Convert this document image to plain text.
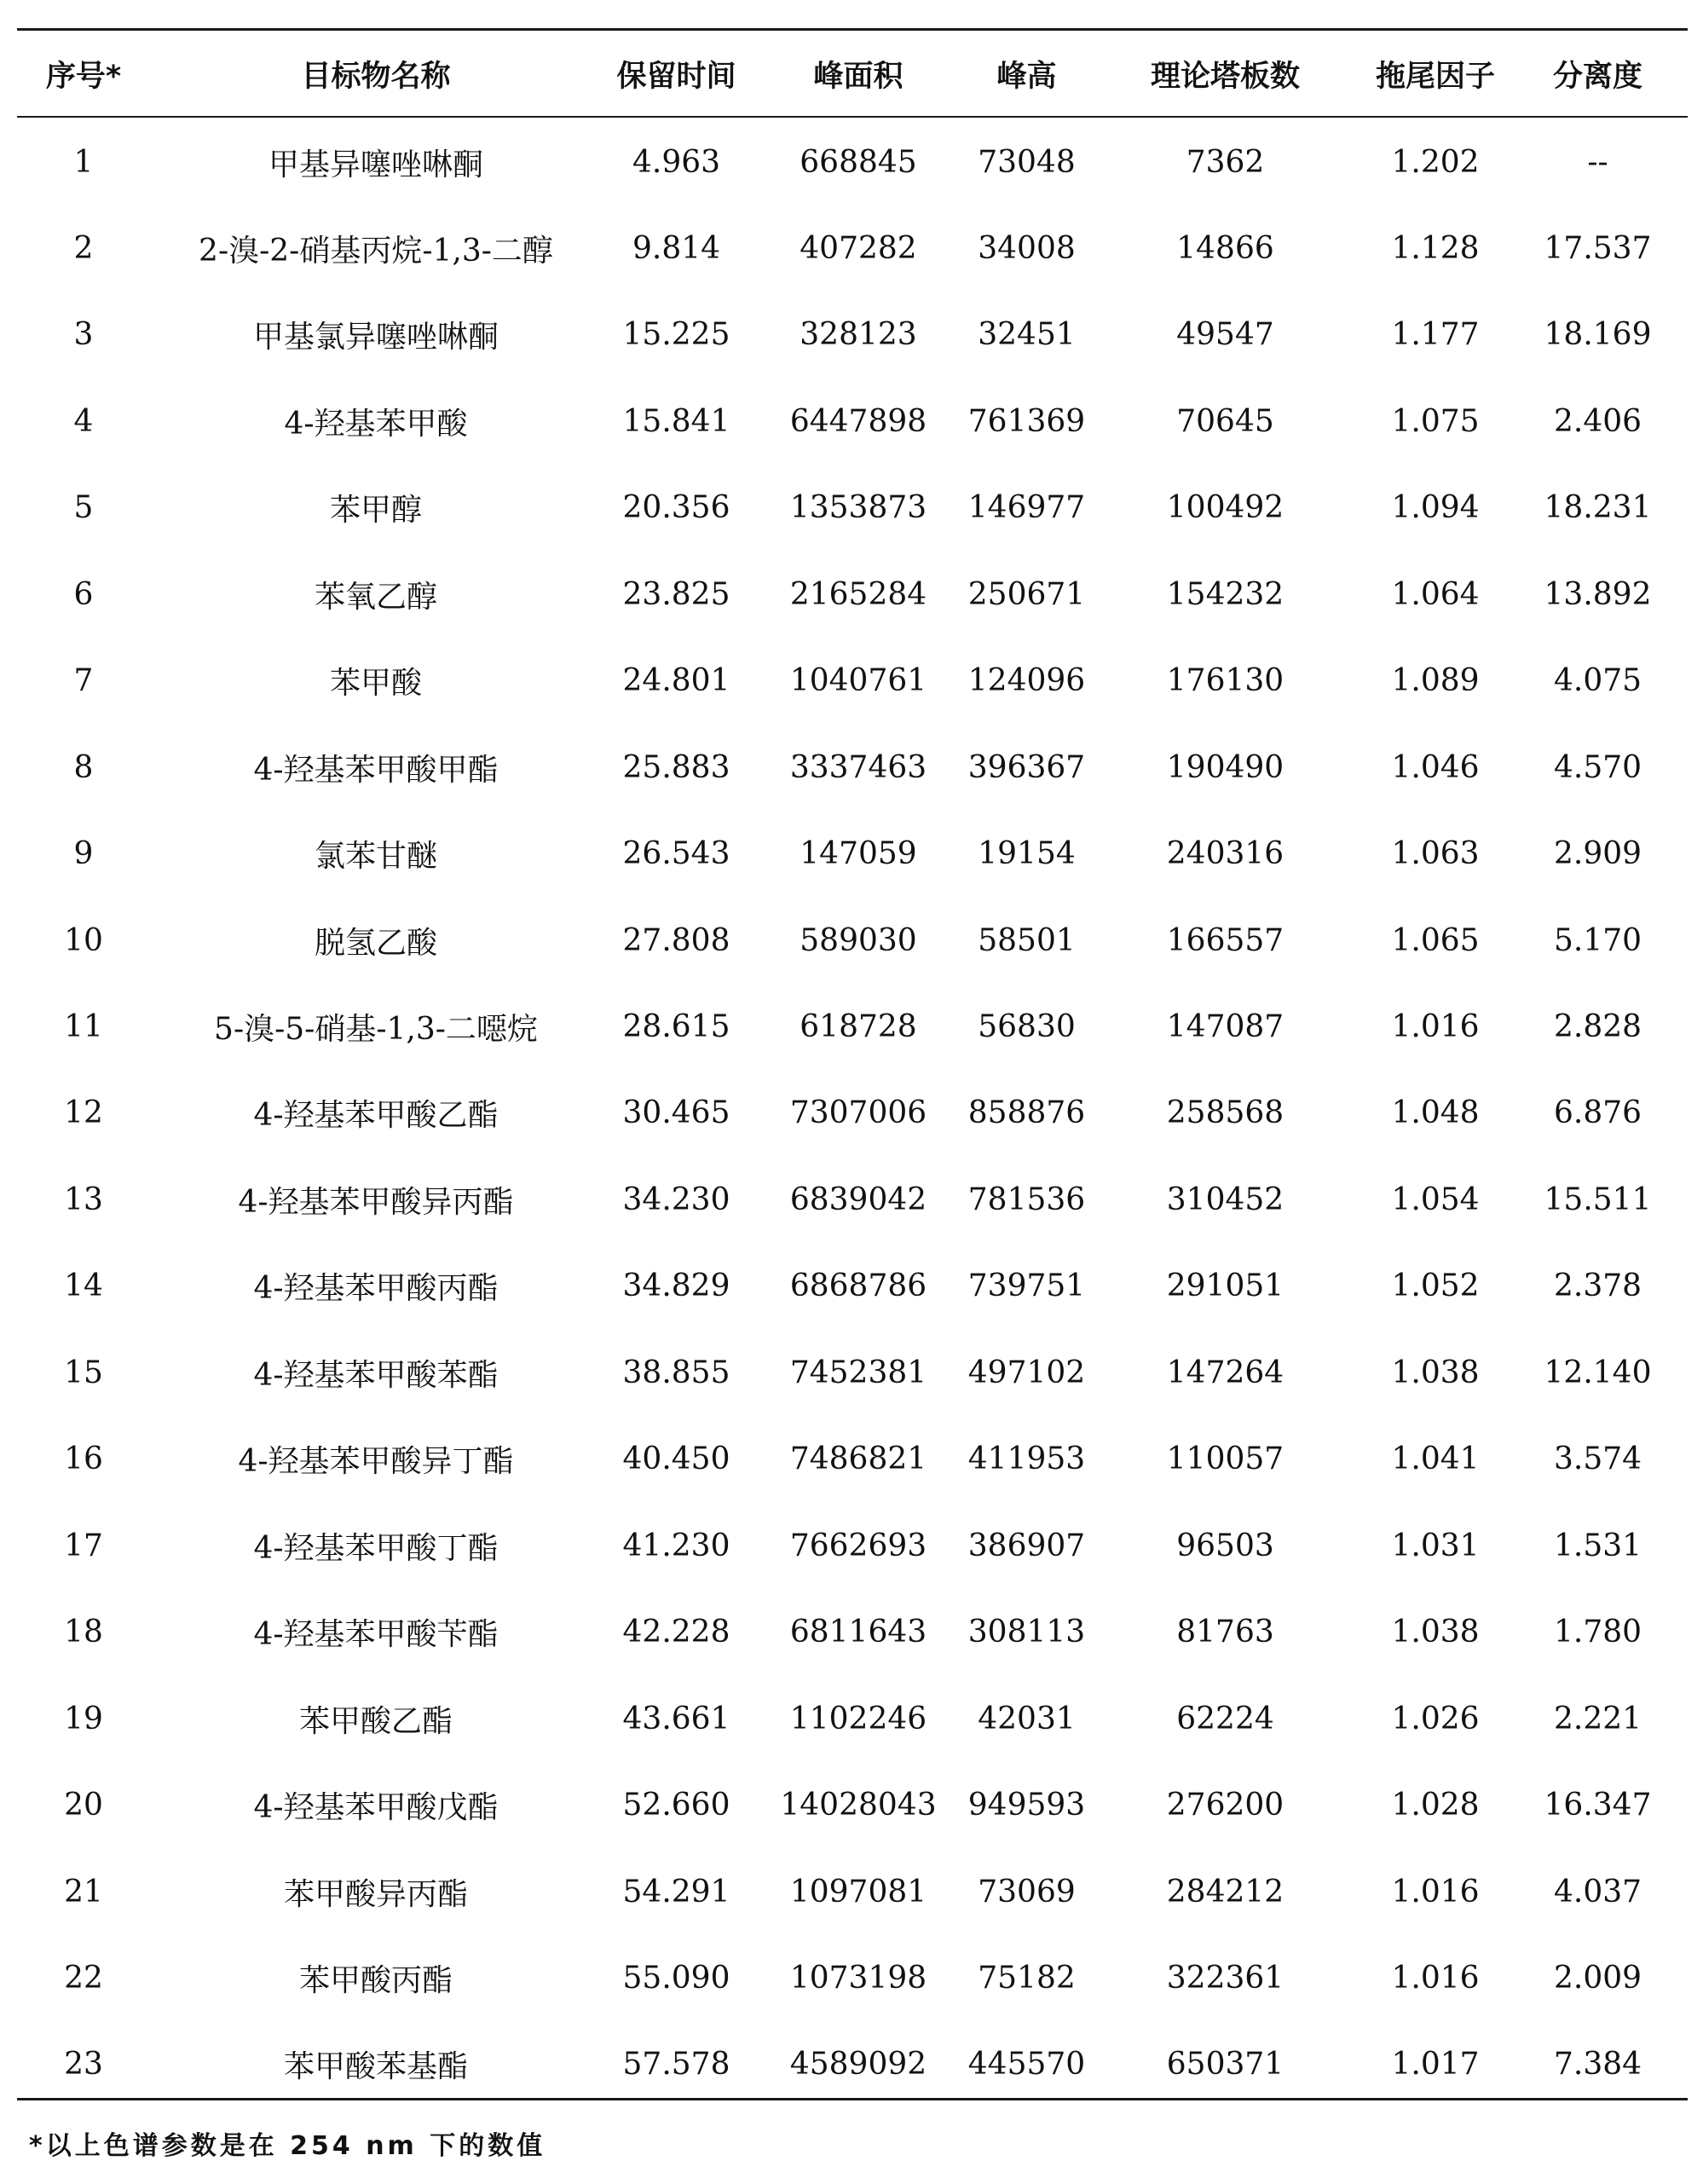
序号*	目标物名称	保留时间	峰面积	峰高	理论塔板数	拖尾因子	分离度
1	甲基异噻唑啉酮	4.963	668845	73048	7362	1.202	--
2	2-溴-2-硝基丙烷-1,3-二醇	9.814	407282	34008	14866	1.128	17.537
3	甲基氯异噻唑啉酮	15.225	328123	32451	49547	1.177	18.169
4	4-羟基苯甲酸	15.841	6447898	761369	70645	1.075	2.406
5	苯甲醇	20.356	1353873	146977	100492	1.094	18.231
6	苯氧乙醇	23.825	2165284	250671	154232	1.064	13.892
7	苯甲酸	24.801	1040761	124096	176130	1.089	4.075
8	4-羟基苯甲酸甲酯	25.883	3337463	396367	190490	1.046	4.570
9	氯苯甘醚	26.543	147059	19154	240316	1.063	2.909
10	脱氢乙酸	27.808	589030	58501	166557	1.065	5.170
11	5-溴-5-硝基-1,3-二噁烷	28.615	618728	56830	147087	1.016	2.828
12	4-羟基苯甲酸乙酯	30.465	7307006	858876	258568	1.048	6.876
13	4-羟基苯甲酸异丙酯	34.230	6839042	781536	310452	1.054	15.511
14	4-羟基苯甲酸丙酯	34.829	6868786	739751	291051	1.052	2.378
15	4-羟基苯甲酸苯酯	38.855	7452381	497102	147264	1.038	12.140
16	4-羟基苯甲酸异丁酯	40.450	7486821	411953	110057	1.041	3.574
17	4-羟基苯甲酸丁酯	41.230	7662693	386907	96503	1.031	1.531
18	4-羟基苯甲酸苄酯	42.228	6811643	308113	81763	1.038	1.780
19	苯甲酸乙酯	43.661	1102246	42031	62224	1.026	2.221
20	4-羟基苯甲酸戊酯	52.660	14028043	949593	276200	1.028	16.347
21	苯甲酸异丙酯	54.291	1097081	73069	284212	1.016	4.037
22	苯甲酸丙酯	55.090	1073198	75182	322361	1.016	2.009
23	苯甲酸苯基酯	57.578	4589092	445570	650371	1.017	7.384
*以上色谱参数是在 254 nm 下的数值
